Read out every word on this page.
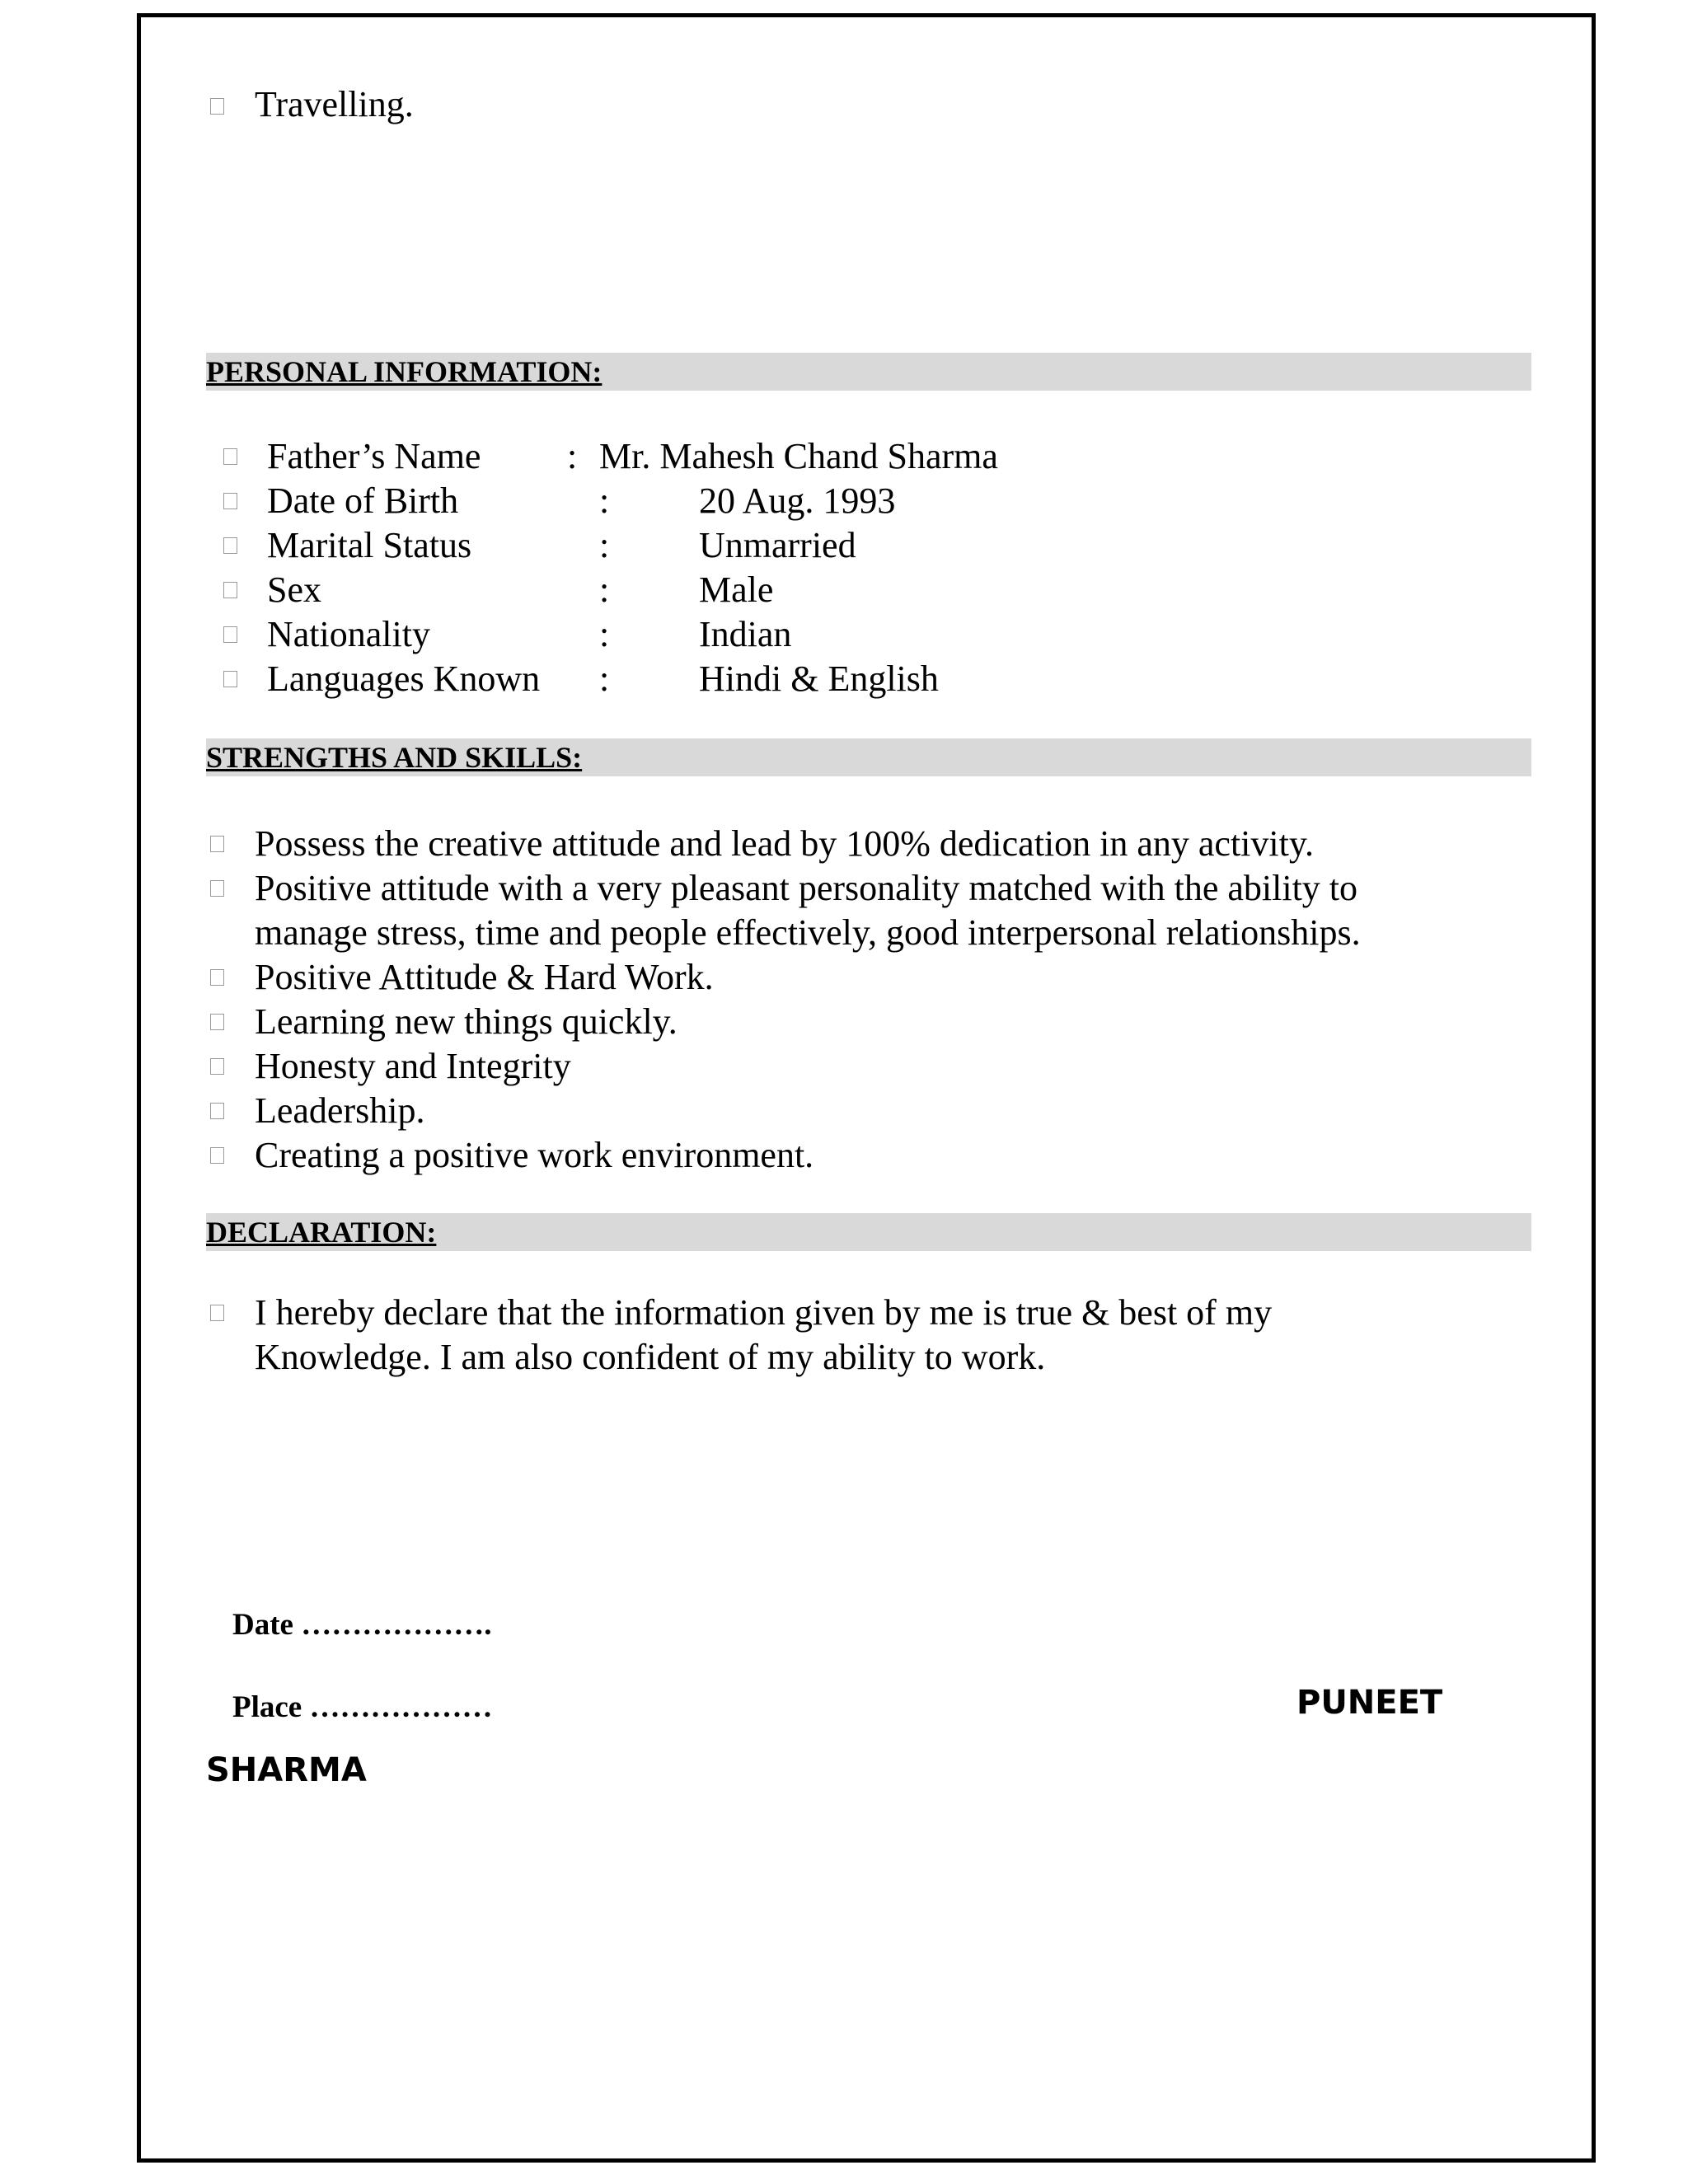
Travelling.
PERSONAL INFORMATION:
Father’s Name : Mr. Mahesh Chand Sharma
Date of Birth	: 20 Aug. 1993
Marital Status	: Unmarried
Sex	: Male
Nationality	: Indian
Languages Known : Hindi & English
STRENGTHS AND SKILLS:
Possess the creative attitude and lead by 100% dedication in any activity.
Positive attitude with a very pleasant personality matched with the ability to
manage stress, time and people effectively, good interpersonal relationships.
Positive Attitude & Hard Work.
Learning new things quickly.
Honesty and Integrity
Leadership.
Creating a positive work environment.
DECLARATION:
I hereby declare that the information given by me is true & best of my
Knowledge. I am also confident of my ability to work.
Date ……………….
Place ………………	PUNEET
SHARMA
